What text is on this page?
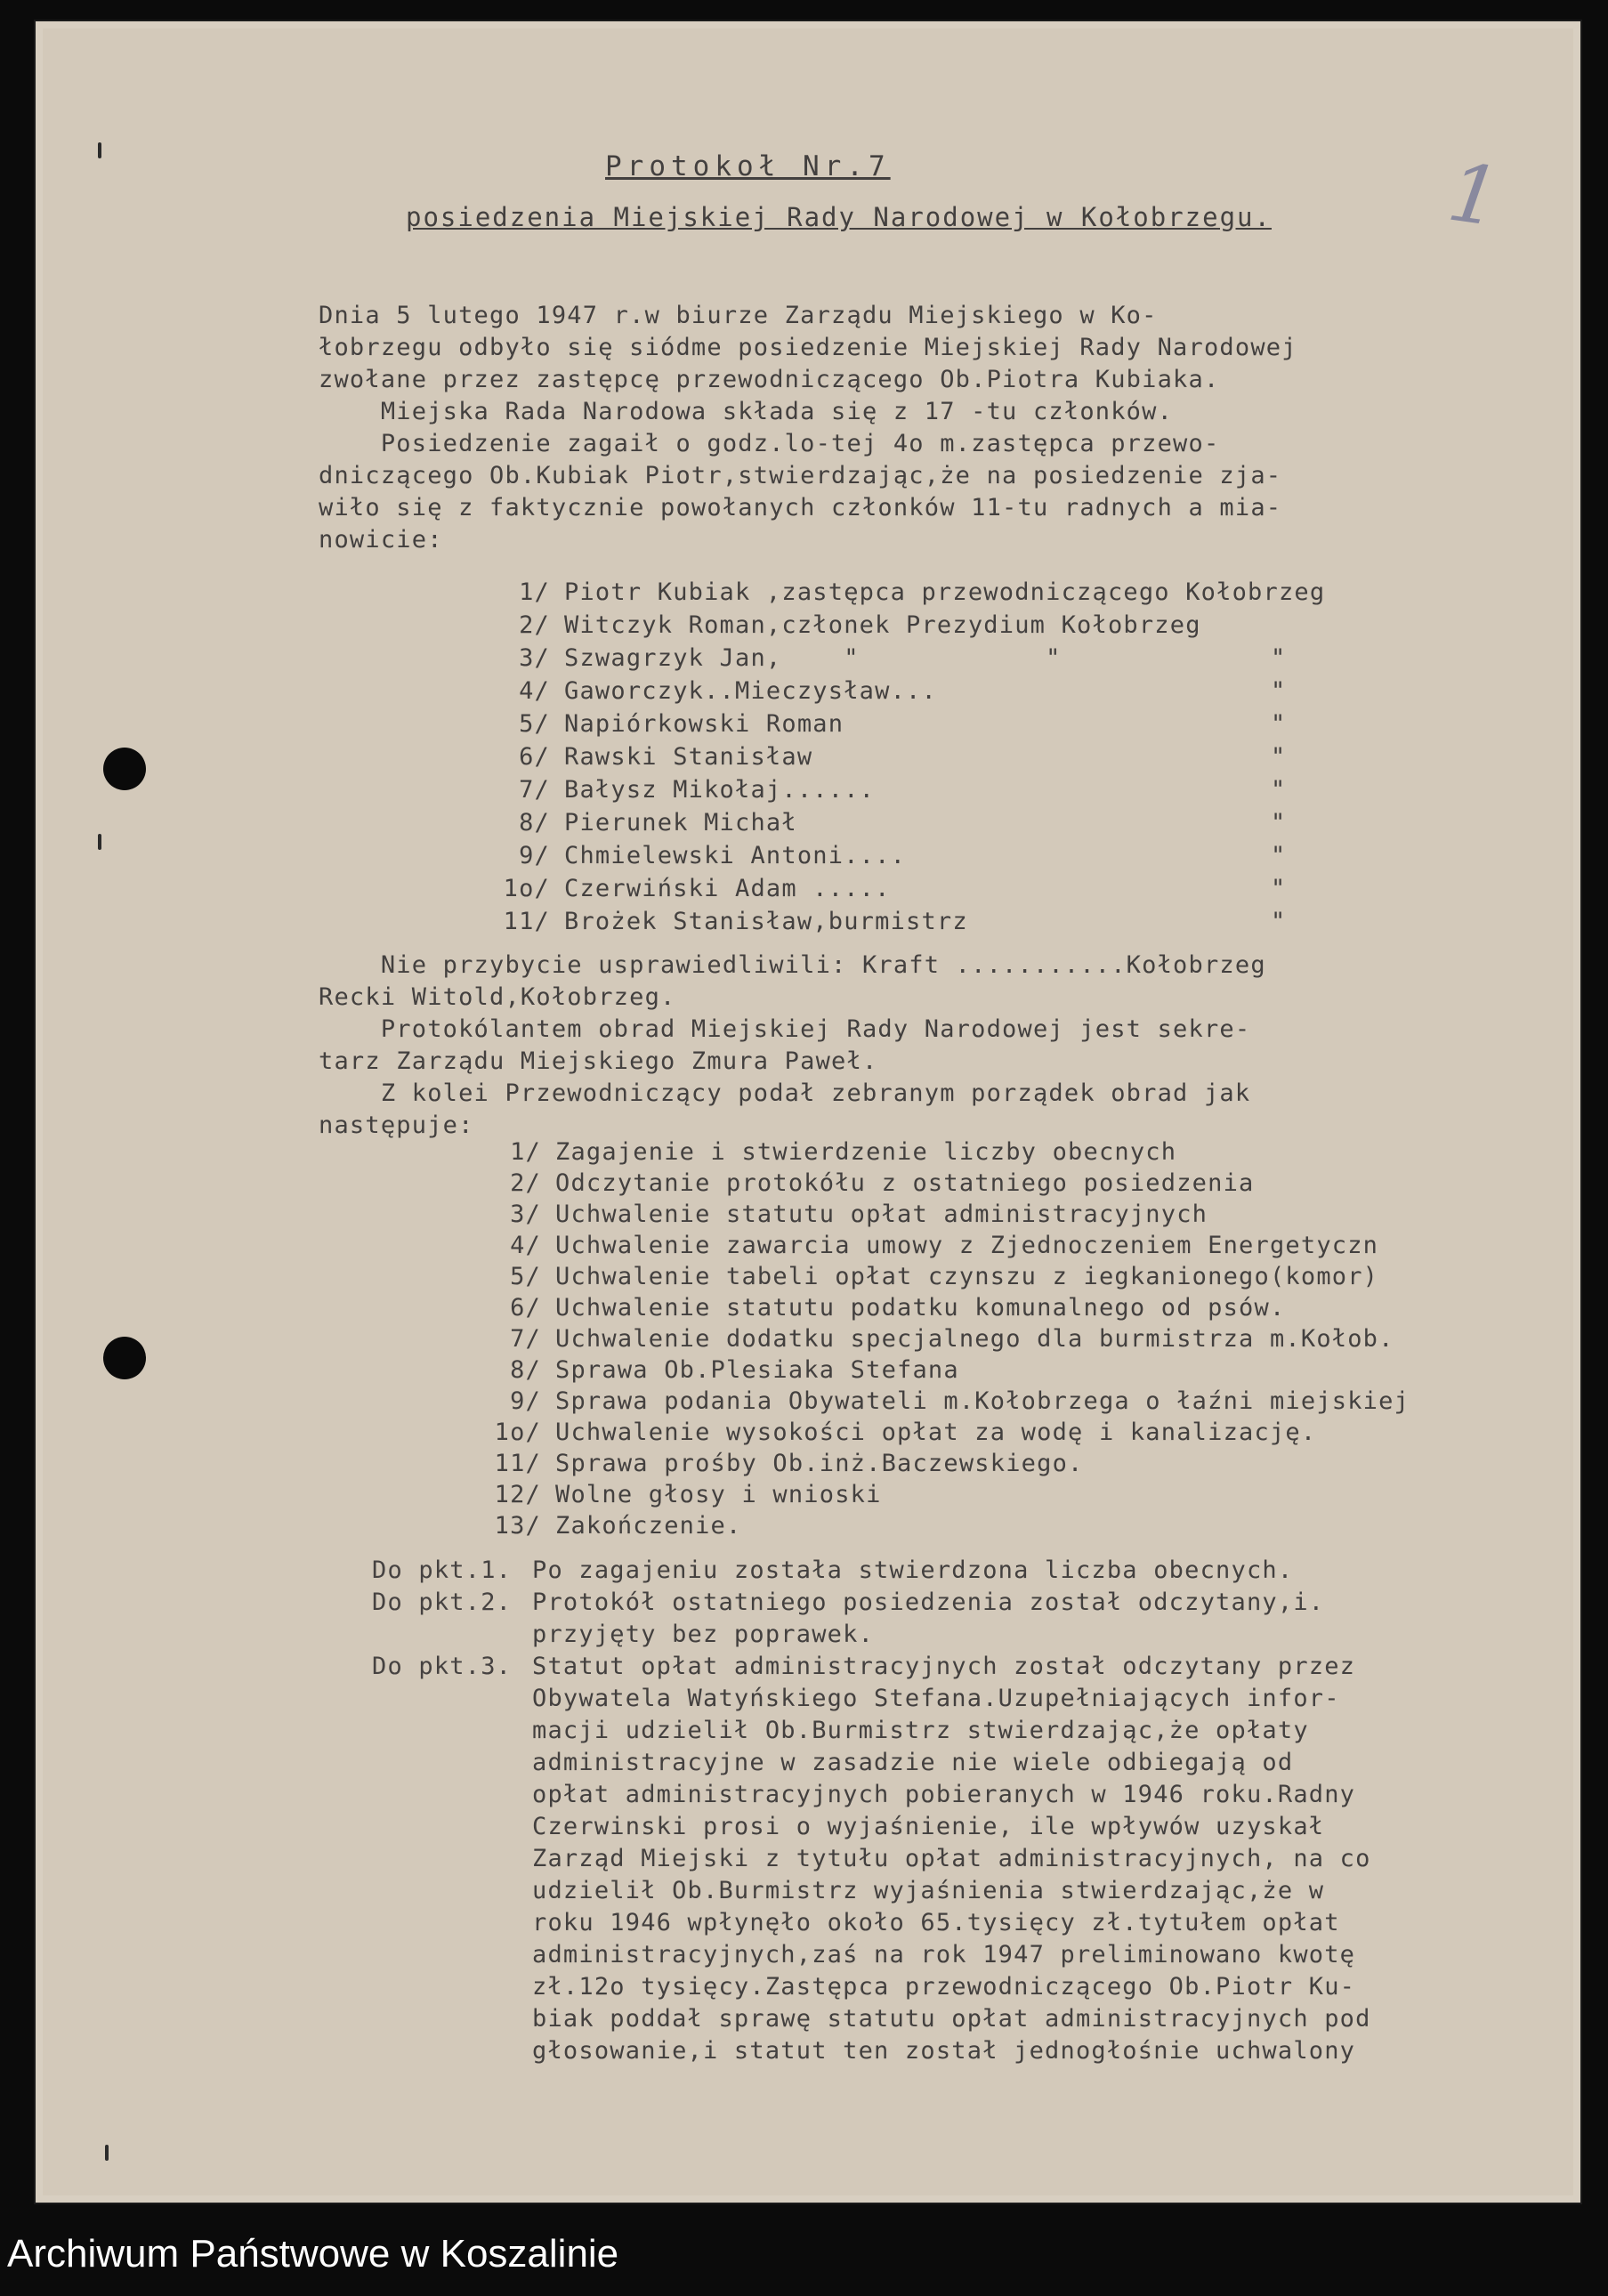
Protokoł Nr.7
posiedzenia Miejskiej Rady Narodowej w Kołobrzegu. 1
Dnia 5 lutego 1947 r.w biurze Zarządu Miejskiego w Ko-
łobrzegu odbyło się siódme posiedzenie Miejskiej Rady Narodowej
zwołane przez zastępcę przewodniczącego Ob.Piotra Kubiaka.
Miejska Rada Narodowa składa się z 17 -tu członków.
Posiedzenie zagaił o godz.lo-tej 4o m.zastępca przewo-
dniczącego Ob.Kubiak Piotr,stwierdzając,że na posiedzenie zja-
wiło się z faktycznie powołanych członków 11-tu radnych a mia-
nowicie:
1/ Piotr Kubiak ,zastępca przewodniczącego Kołobrzeg
2/ Witczyk Roman,członek Prezydium Kołobrzeg
3/ Szwagrzyk Jan,    "            "	"
4/ Gaworczyk..Mieczysław...	"
5/ Napiórkowski Roman	"
6/ Rawski Stanisław	"
7/ Bałysz Mikołaj......	"
8/ Pierunek Michał	"
9/ Chmielewski Antoni....	"
1o/ Czerwiński Adam .....	"
11/ Brożek Stanisław,burmistrz	"
Nie przybycie usprawiedliwili: Kraft ...........Kołobrzeg
Recki Witold,Kołobrzeg.
Protokólantem obrad Miejskiej Rady Narodowej jest sekre-
tarz Zarządu Miejskiego Zmura Paweł.
Z kolei Przewodniczący podał zebranym porządek obrad jak
następuje:
1/ Zagajenie i stwierdzenie liczby obecnych
2/ Odczytanie protokółu z ostatniego posiedzenia
3/ Uchwalenie statutu opłat administracyjnych
4/ Uchwalenie zawarcia umowy z Zjednoczeniem Energetyczn
5/ Uchwalenie tabeli opłat czynszu z iegkanionego(komor)
6/ Uchwalenie statutu podatku komunalnego od psów.
7/ Uchwalenie dodatku specjalnego dla burmistrza m.Kołob.
8/ Sprawa Ob.Plesiaka Stefana
9/ Sprawa podania Obywateli m.Kołobrzega o łaźni miejskiej
1o/ Uchwalenie wysokości opłat za wodę i kanalizację.
11/ Sprawa prośby Ob.inż.Baczewskiego.
12/ Wolne głosy i wnioski
13/ Zakończenie.
Do pkt.1. Po zagajeniu została stwierdzona liczba obecnych.
Do pkt.2. Protokół ostatniego posiedzenia został odczytany,i.
przyjęty bez poprawek.
Do pkt.3. Statut opłat administracyjnych został odczytany przez
Obywatela Watyńskiego Stefana.Uzupełniających infor-
macji udzielił Ob.Burmistrz stwierdzając,że opłaty
administracyjne w zasadzie nie wiele odbiegają od
opłat administracyjnych pobieranych w 1946 roku.Radny
Czerwinski prosi o wyjaśnienie, ile wpływów uzyskał
Zarząd Miejski z tytułu opłat administracyjnych, na co
udzielił Ob.Burmistrz wyjaśnienia stwierdzając,że w
roku 1946 wpłynęło około 65.tysięcy zł.tytułem opłat
administracyjnych,zaś na rok 1947 preliminowano kwotę
zł.12o tysięcy.Zastępca przewodniczącego Ob.Piotr Ku-
biak poddał sprawę statutu opłat administracyjnych pod
głosowanie,i statut ten został jednogłośnie uchwalony
Archiwum Państwowe w Koszalinie
